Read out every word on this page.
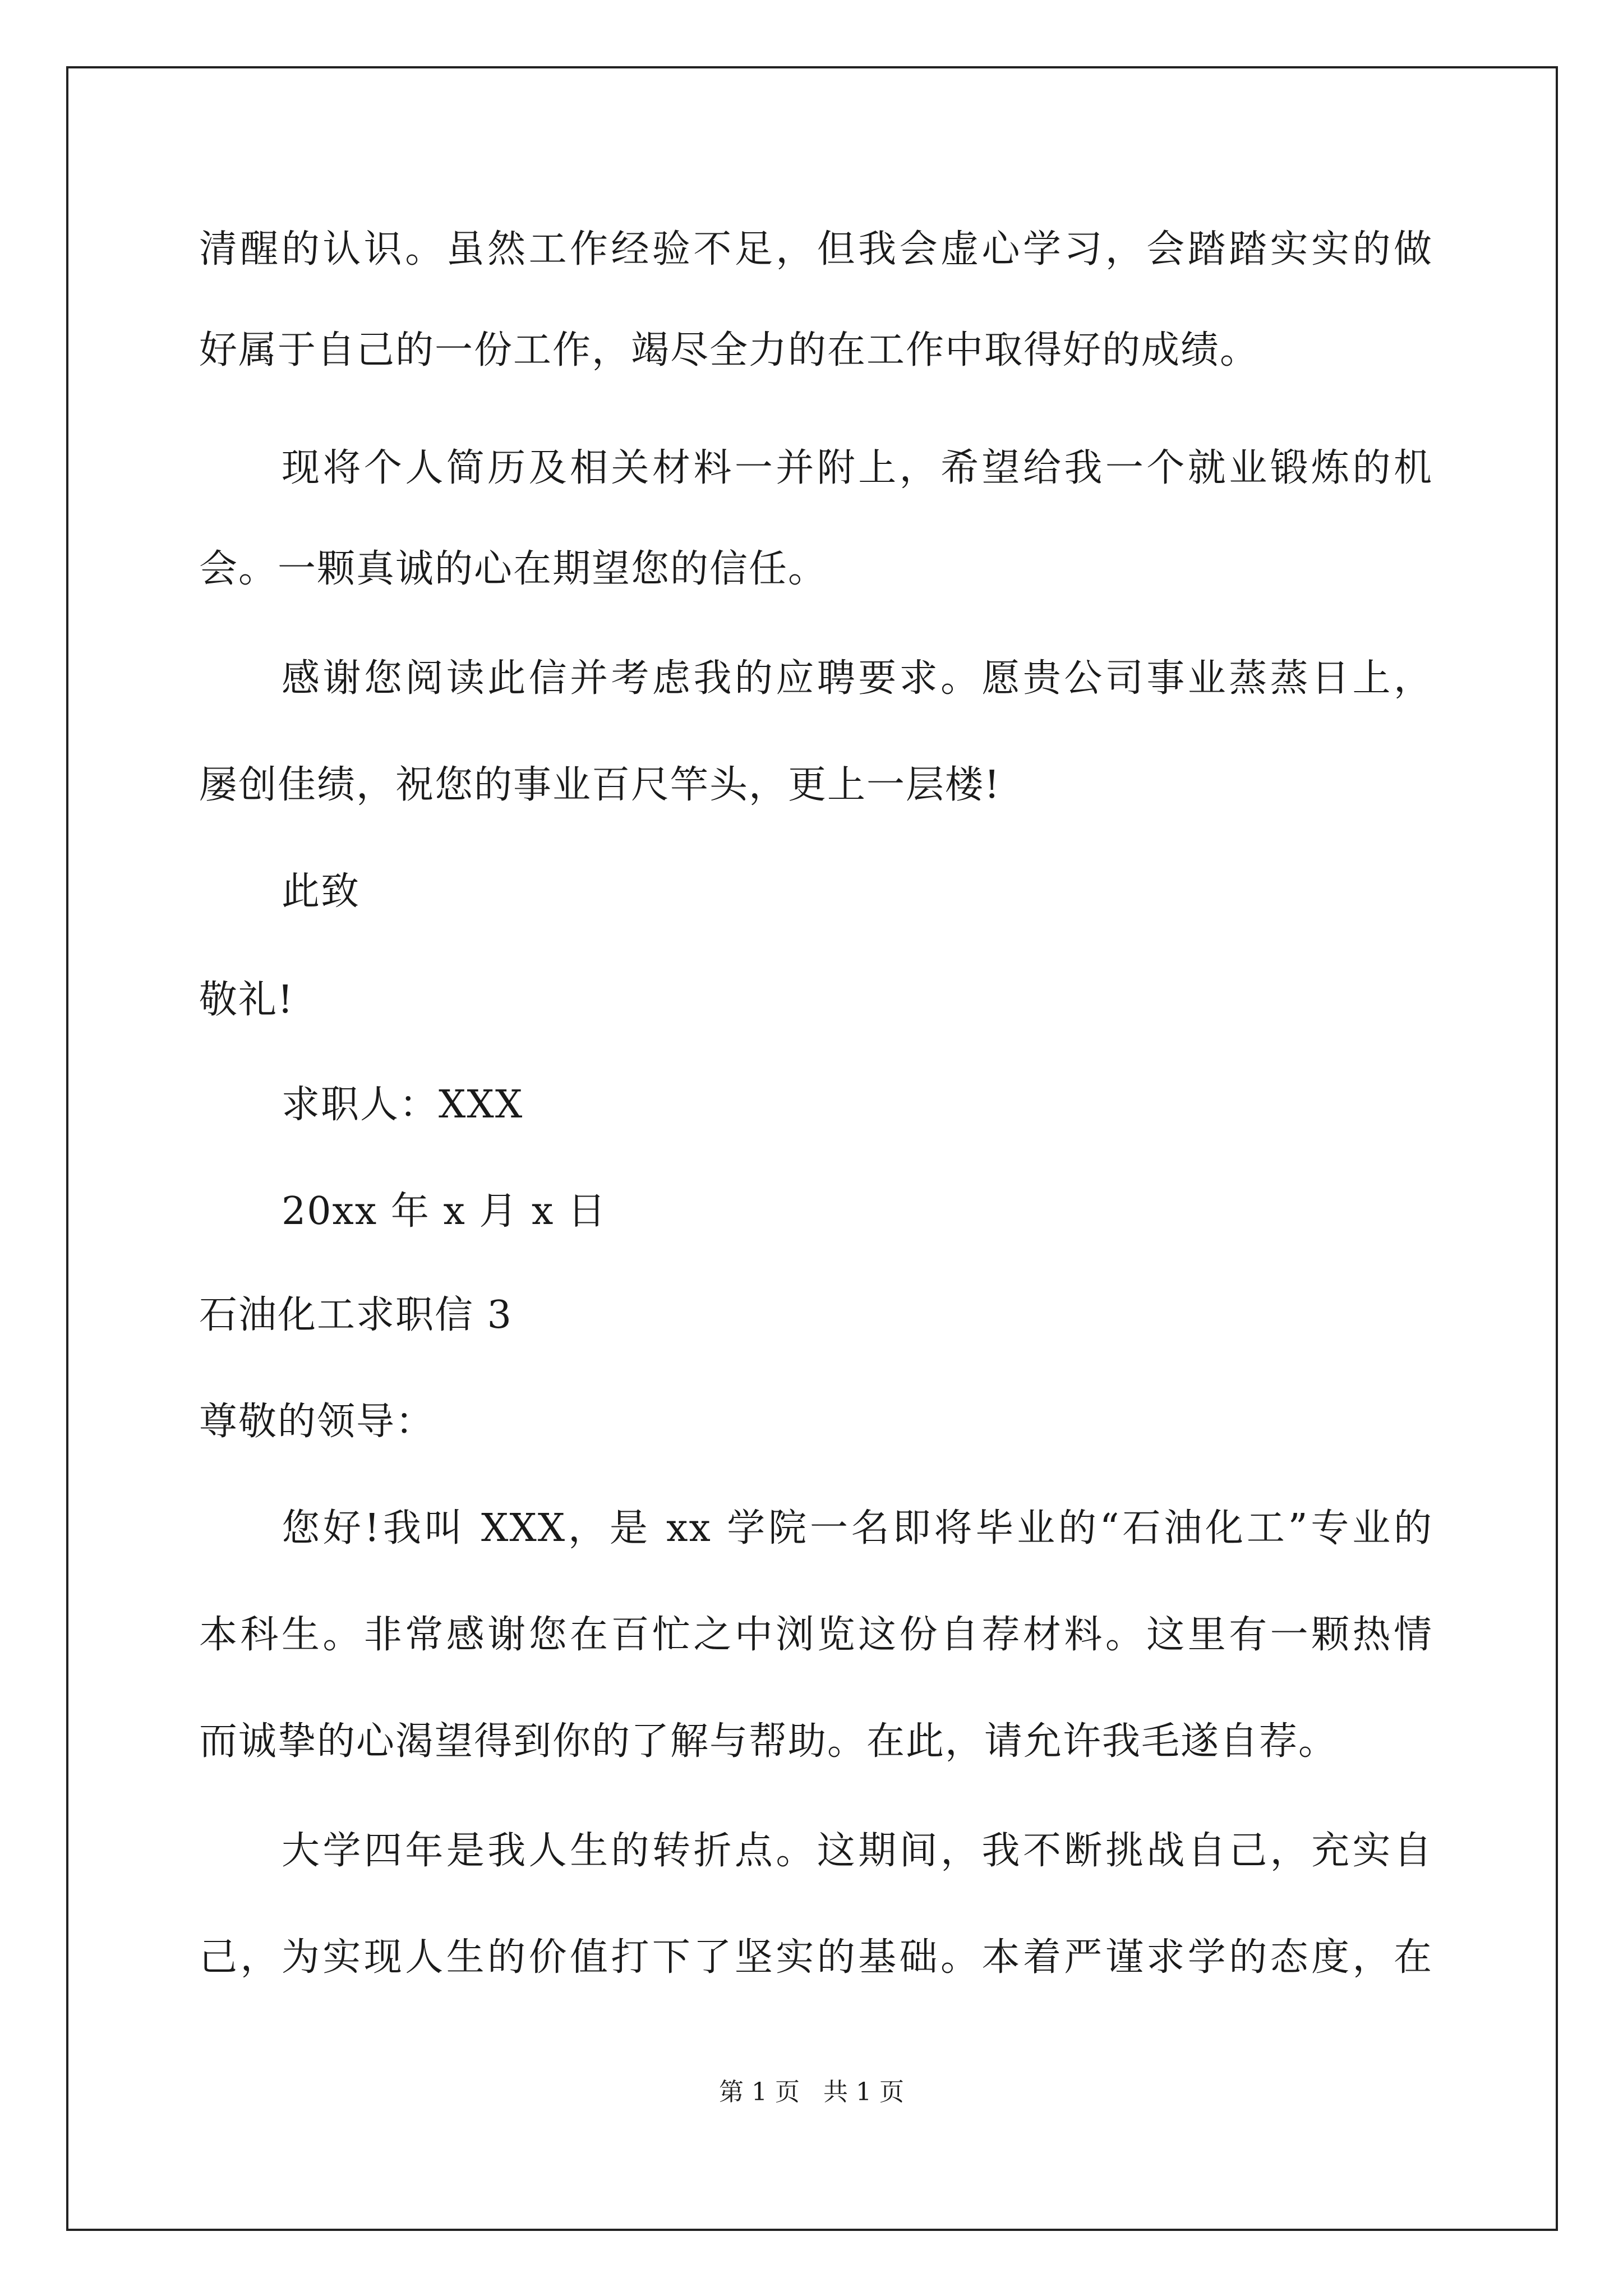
清醒的认识。虽然工作经验不足，但我会虚心学习，会踏踏实实的做
好属于自己的一份工作，竭尽全力的在工作中取得好的成绩。
现将个人简历及相关材料一并附上，希望给我一个就业锻炼的机
会。一颗真诚的心在期望您的信任。
感谢您阅读此信并考虑我的应聘要求。愿贵公司事业蒸蒸日上，
屡创佳绩，祝您的事业百尺竿头，更上一层楼!
此致
敬礼!
求职人：XXX
20xx 年 x 月 x 日
石油化工求职信 3
尊敬的领导：
您好!我叫 XXX，是 xx 学院一名即将毕业的“石油化工”专业的
本科生。非常感谢您在百忙之中浏览这份自荐材料。这里有一颗热情
而诚挚的心渴望得到你的了解与帮助。在此，请允许我毛遂自荐。
大学四年是我人生的转折点。这期间，我不断挑战自己，充实自
己，为实现人生的价值打下了坚实的基础。本着严谨求学的态度，在
第 1 页   共 1 页
